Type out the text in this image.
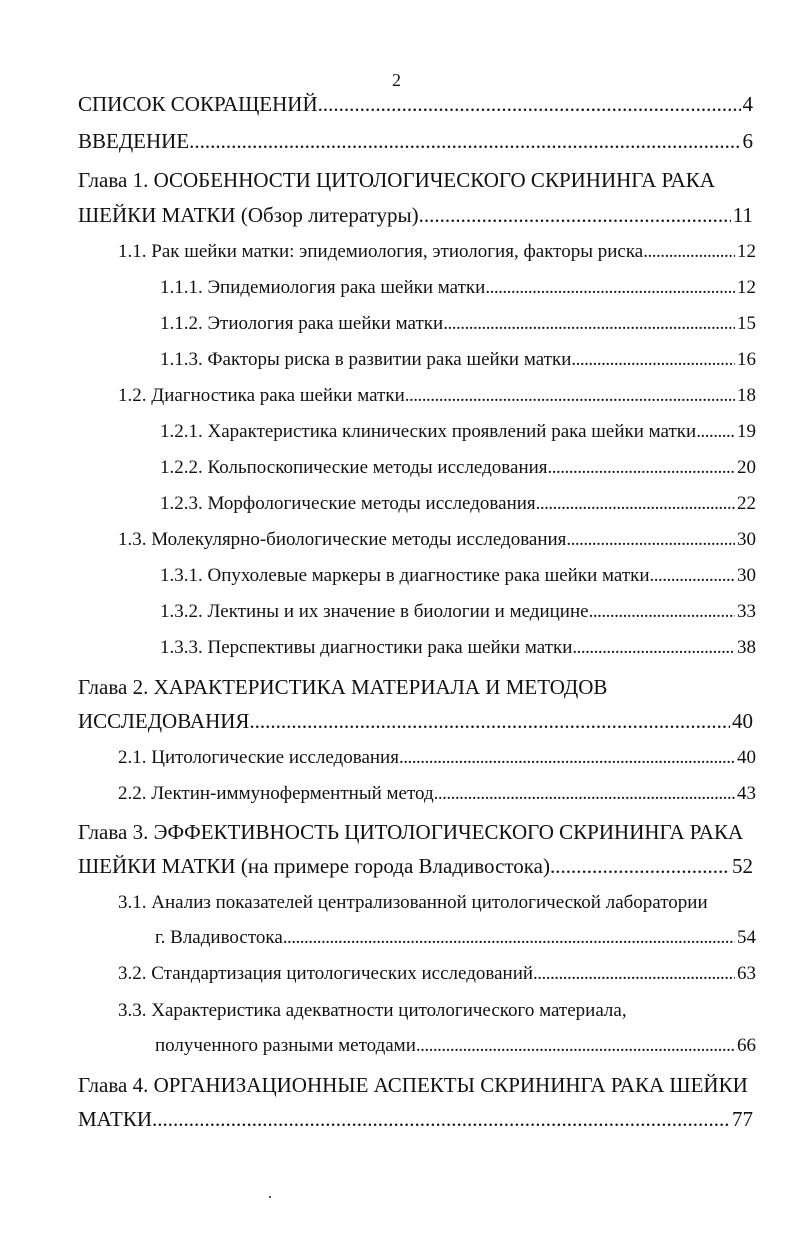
2
СПИСОК СОКРАЩЕНИЙ .....	4
ВВЕДЕНИЕ .....	6
Глава 1. ОСОБЕННОСТИ ЦИТОЛОГИЧЕСКОГО СКРИНИНГА РАКА
ШЕЙКИ МАТКИ (Обзор литературы) .....	11
1.1. Рак шейки матки: эпидемиология, этиология, факторы риска .....	12
1.1.1. Эпидемиология рака шейки матки .....	12
1.1.2. Этиология рака шейки матки .....	15
1.1.3. Факторы риска в развитии рака шейки матки .....	16
1.2. Диагностика рака шейки матки .....	18
1.2.1. Характеристика клинических проявлений рака шейки матки ..... 19
1.2.2. Кольпоскопические методы исследования .....	20
1.2.3. Морфологические методы исследования .....	22
1.3. Молекулярно-биологические методы исследования .....	30
1.3.1. Опухолевые маркеры в диагностике рака шейки матки .....	30
1.3.2. Лектины и их значение в биологии и медицине .....	33
1.3.3. Перспективы диагностики рака шейки матки .....	38
Глава 2. ХАРАКТЕРИСТИКА МАТЕРИАЛА И МЕТОДОВ
ИССЛЕДОВАНИЯ .....	40
2.1. Цитологические исследования .....	40
2.2. Лектин-иммуноферментный метод .....	43
Глава 3. ЭФФЕКТИВНОСТЬ ЦИТОЛОГИЧЕСКОГО СКРИНИНГА РАКА
ШЕЙКИ МАТКИ (на примере города Владивостока) .....	52
3.1. Анализ показателей централизованной цитологической лаборатории
г. Владивостока .....	54
3.2. Стандартизация цитологических исследований .....	63
3.3. Характеристика адекватности цитологического материала,
полученного разными методами .....	66
Глава 4. ОРГАНИЗАЦИОННЫЕ АСПЕКТЫ СКРИНИНГА РАКА ШЕЙКИ
МАТКИ .....	77
